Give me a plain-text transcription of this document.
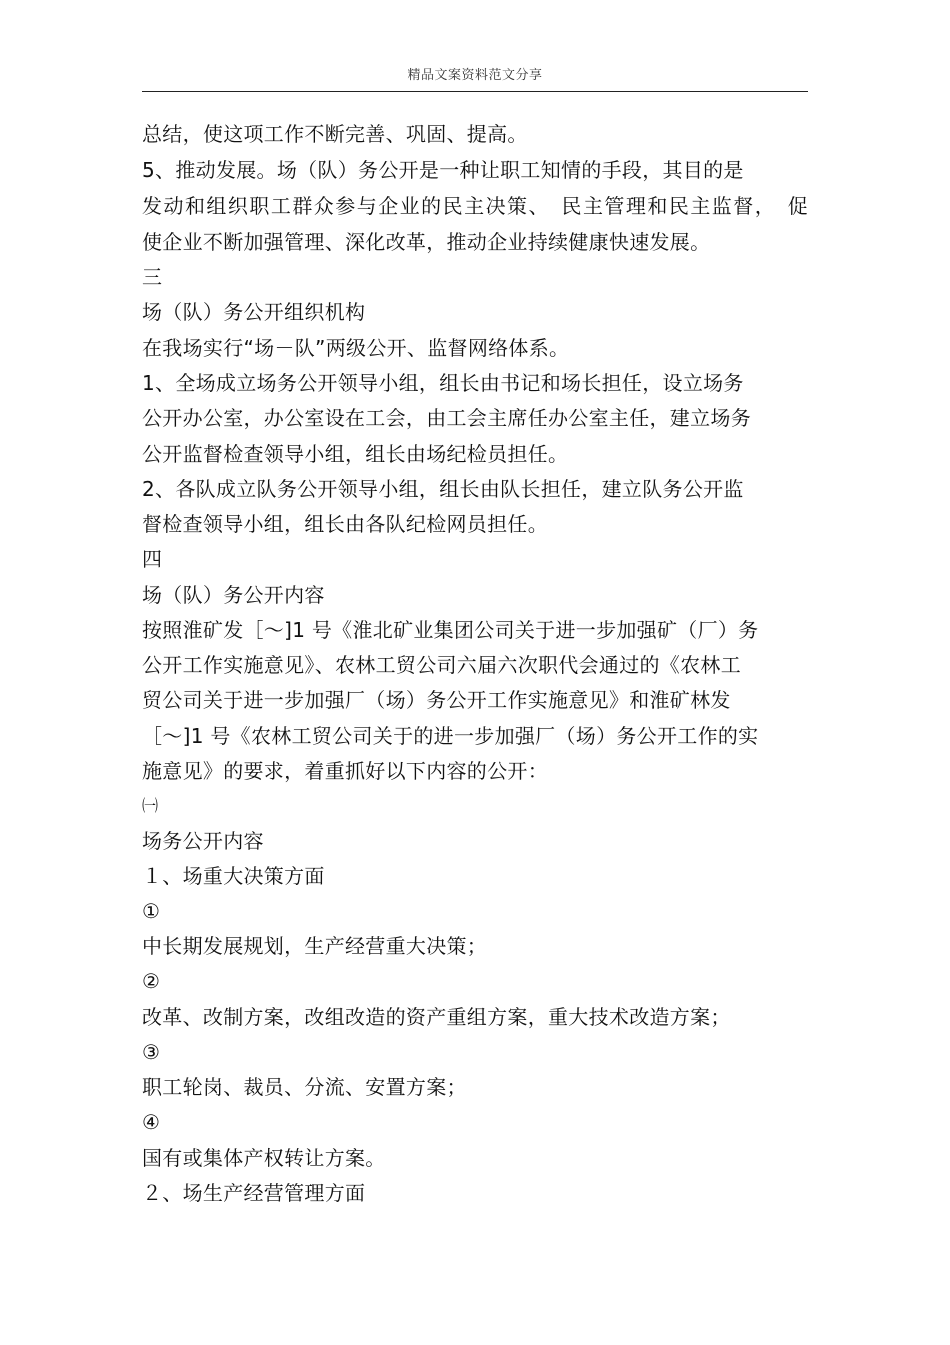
精品文案资料范文分享
总结，使这项工作不断完善、巩固、提高。
5、推动发展。场（队）务公开是一种让职工知情的手段，其目的是
发动和组织职工群众参与企业的民主决策、　民主管理和民主监督，　促
使企业不断加强管理、深化改革，推动企业持续健康快速发展。
三
场（队）务公开组织机构
在我场实行“场－队”两级公开、监督网络体系。
1、全场成立场务公开领导小组，组长由书记和场长担任，设立场务
公开办公室，办公室设在工会，由工会主席任办公室主任，建立场务
公开监督检查领导小组，组长由场纪检员担任。
2、各队成立队务公开领导小组，组长由队长担任，建立队务公开监
督检查领导小组，组长由各队纪检网员担任。
四
场（队）务公开内容
按照淮矿发［～]1 号《淮北矿业集团公司关于进一步加强矿（厂）务
公开工作实施意见》、农林工贸公司六届六次职代会通过的《农林工
贸公司关于进一步加强厂（场）务公开工作实施意见》和淮矿林发
［～]1 号《农林工贸公司关于的进一步加强厂（场）务公开工作的实
施意见》的要求，着重抓好以下内容的公开：
㈠
场务公开内容
１、场重大决策方面
①
中长期发展规划，生产经营重大决策；
②
改革、改制方案，改组改造的资产重组方案，重大技术改造方案；
③
职工轮岗、裁员、分流、安置方案；
④
国有或集体产权转让方案。
２、场生产经营管理方面
